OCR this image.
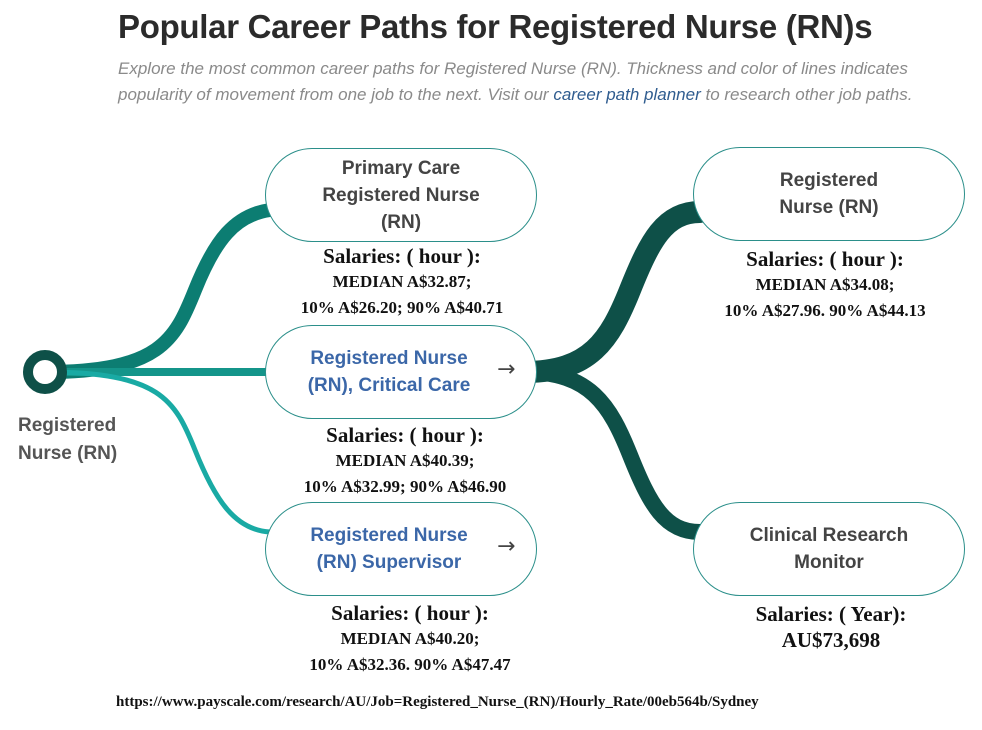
Popular Career Paths for Registered Nurse (RN)s
Explore the most common career paths for Registered Nurse (RN). Thickness and color of lines indicates popularity of movement from one job to the next. Visit our career path planner to research other job paths.
Registered Nurse (RN)
Primary Care Registered Nurse (RN)
Registered Nurse (RN), Critical Care
→
Registered Nurse (RN) Supervisor
→
Registered Nurse (RN)
Clinical Research Monitor
Salaries: ( hour ):
MEDIAN A$32.87;
10% A$26.20; 90% A$40.71
Salaries: ( hour ):
MEDIAN A$40.39;
10% A$32.99; 90% A$46.90
Salaries: ( hour ):
MEDIAN A$40.20;
10% A$32.36. 90% A$47.47
Salaries: ( hour ):
MEDIAN A$34.08;
10% A$27.96. 90% A$44.13
Salaries: ( Year):
AU$73,698
https://www.payscale.com/research/AU/Job=Registered_Nurse_(RN)/Hourly_Rate/00eb564b/Sydney
